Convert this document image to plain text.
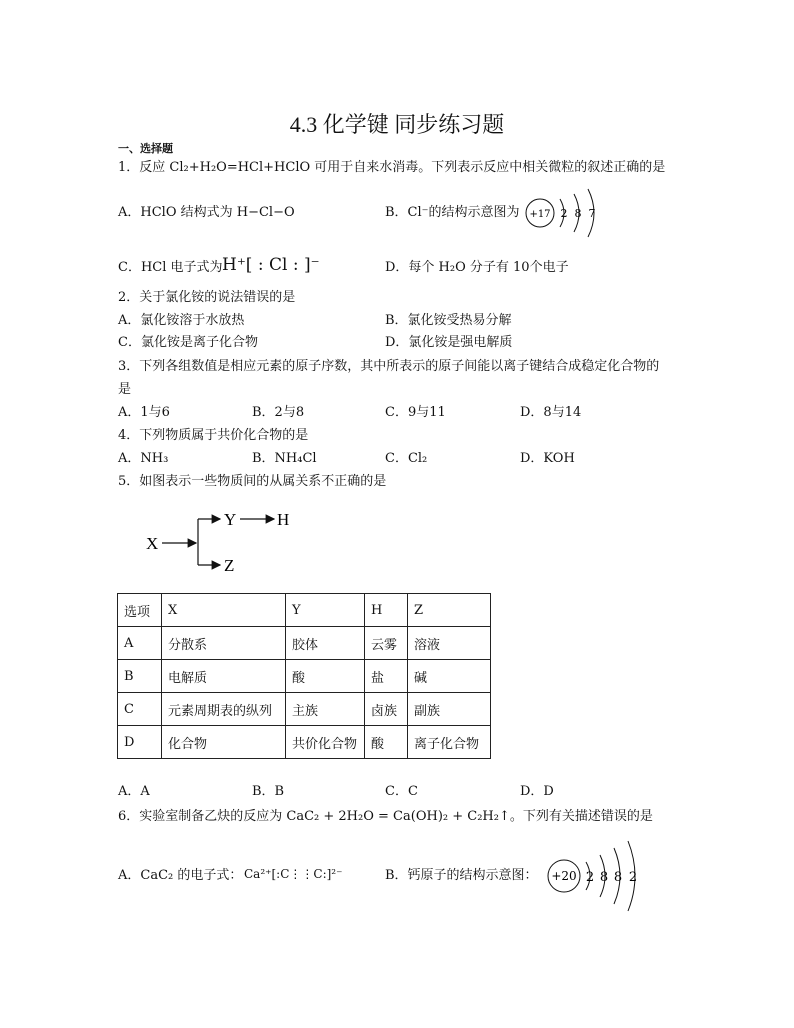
4.3 化学键 同步练习题
一、选择题
1．反应 Cl₂+H₂O=HCl+HClO 可用于自来水消毒。下列表示反应中相关微粒的叙述正确的是
A．HClO 结构式为 H−Cl−O	B．Cl⁻的结构示意图为 +17 2 8 7
C．HCl 电子式为 H⁺[ : Cl : ]⁻	D．每个 H₂O 分子有 10个电子
2．关于氯化铵的说法错误的是
A．氯化铵溶于水放热	B．氯化铵受热易分解
C．氯化铵是离子化合物	D．氯化铵是强电解质
3．下列各组数值是相应元素的原子序数，其中所表示的原子间能以离子键结合成稳定化合物的
是
A．1与6	B．2与8	C．9与11	D．8与14
4．下列物质属于共价化合物的是
A．NH₃	B．NH₄Cl	C．Cl₂	D．KOH
5．如图表示一些物质间的从属关系不正确的是
X
Y H
Z
选项	X	Y	H	Z
A	分散系	胶体	云雾	溶液
B	电解质	酸	盐	碱
C	元素周期表的纵列	主族	卤族	副族
D	化合物	共价化合物	酸	离子化合物
A．A	B．B	C．C	D．D
6．实验室制备乙炔的反应为 CaC₂ + 2H₂O = Ca(OH)₂ + C₂H₂↑。下列有关描述错误的是
A．CaC₂ 的电子式： Ca²⁺[:C⋮⋮C:]²⁻	B．钙原子的结构示意图： +20 2 8 8 2
